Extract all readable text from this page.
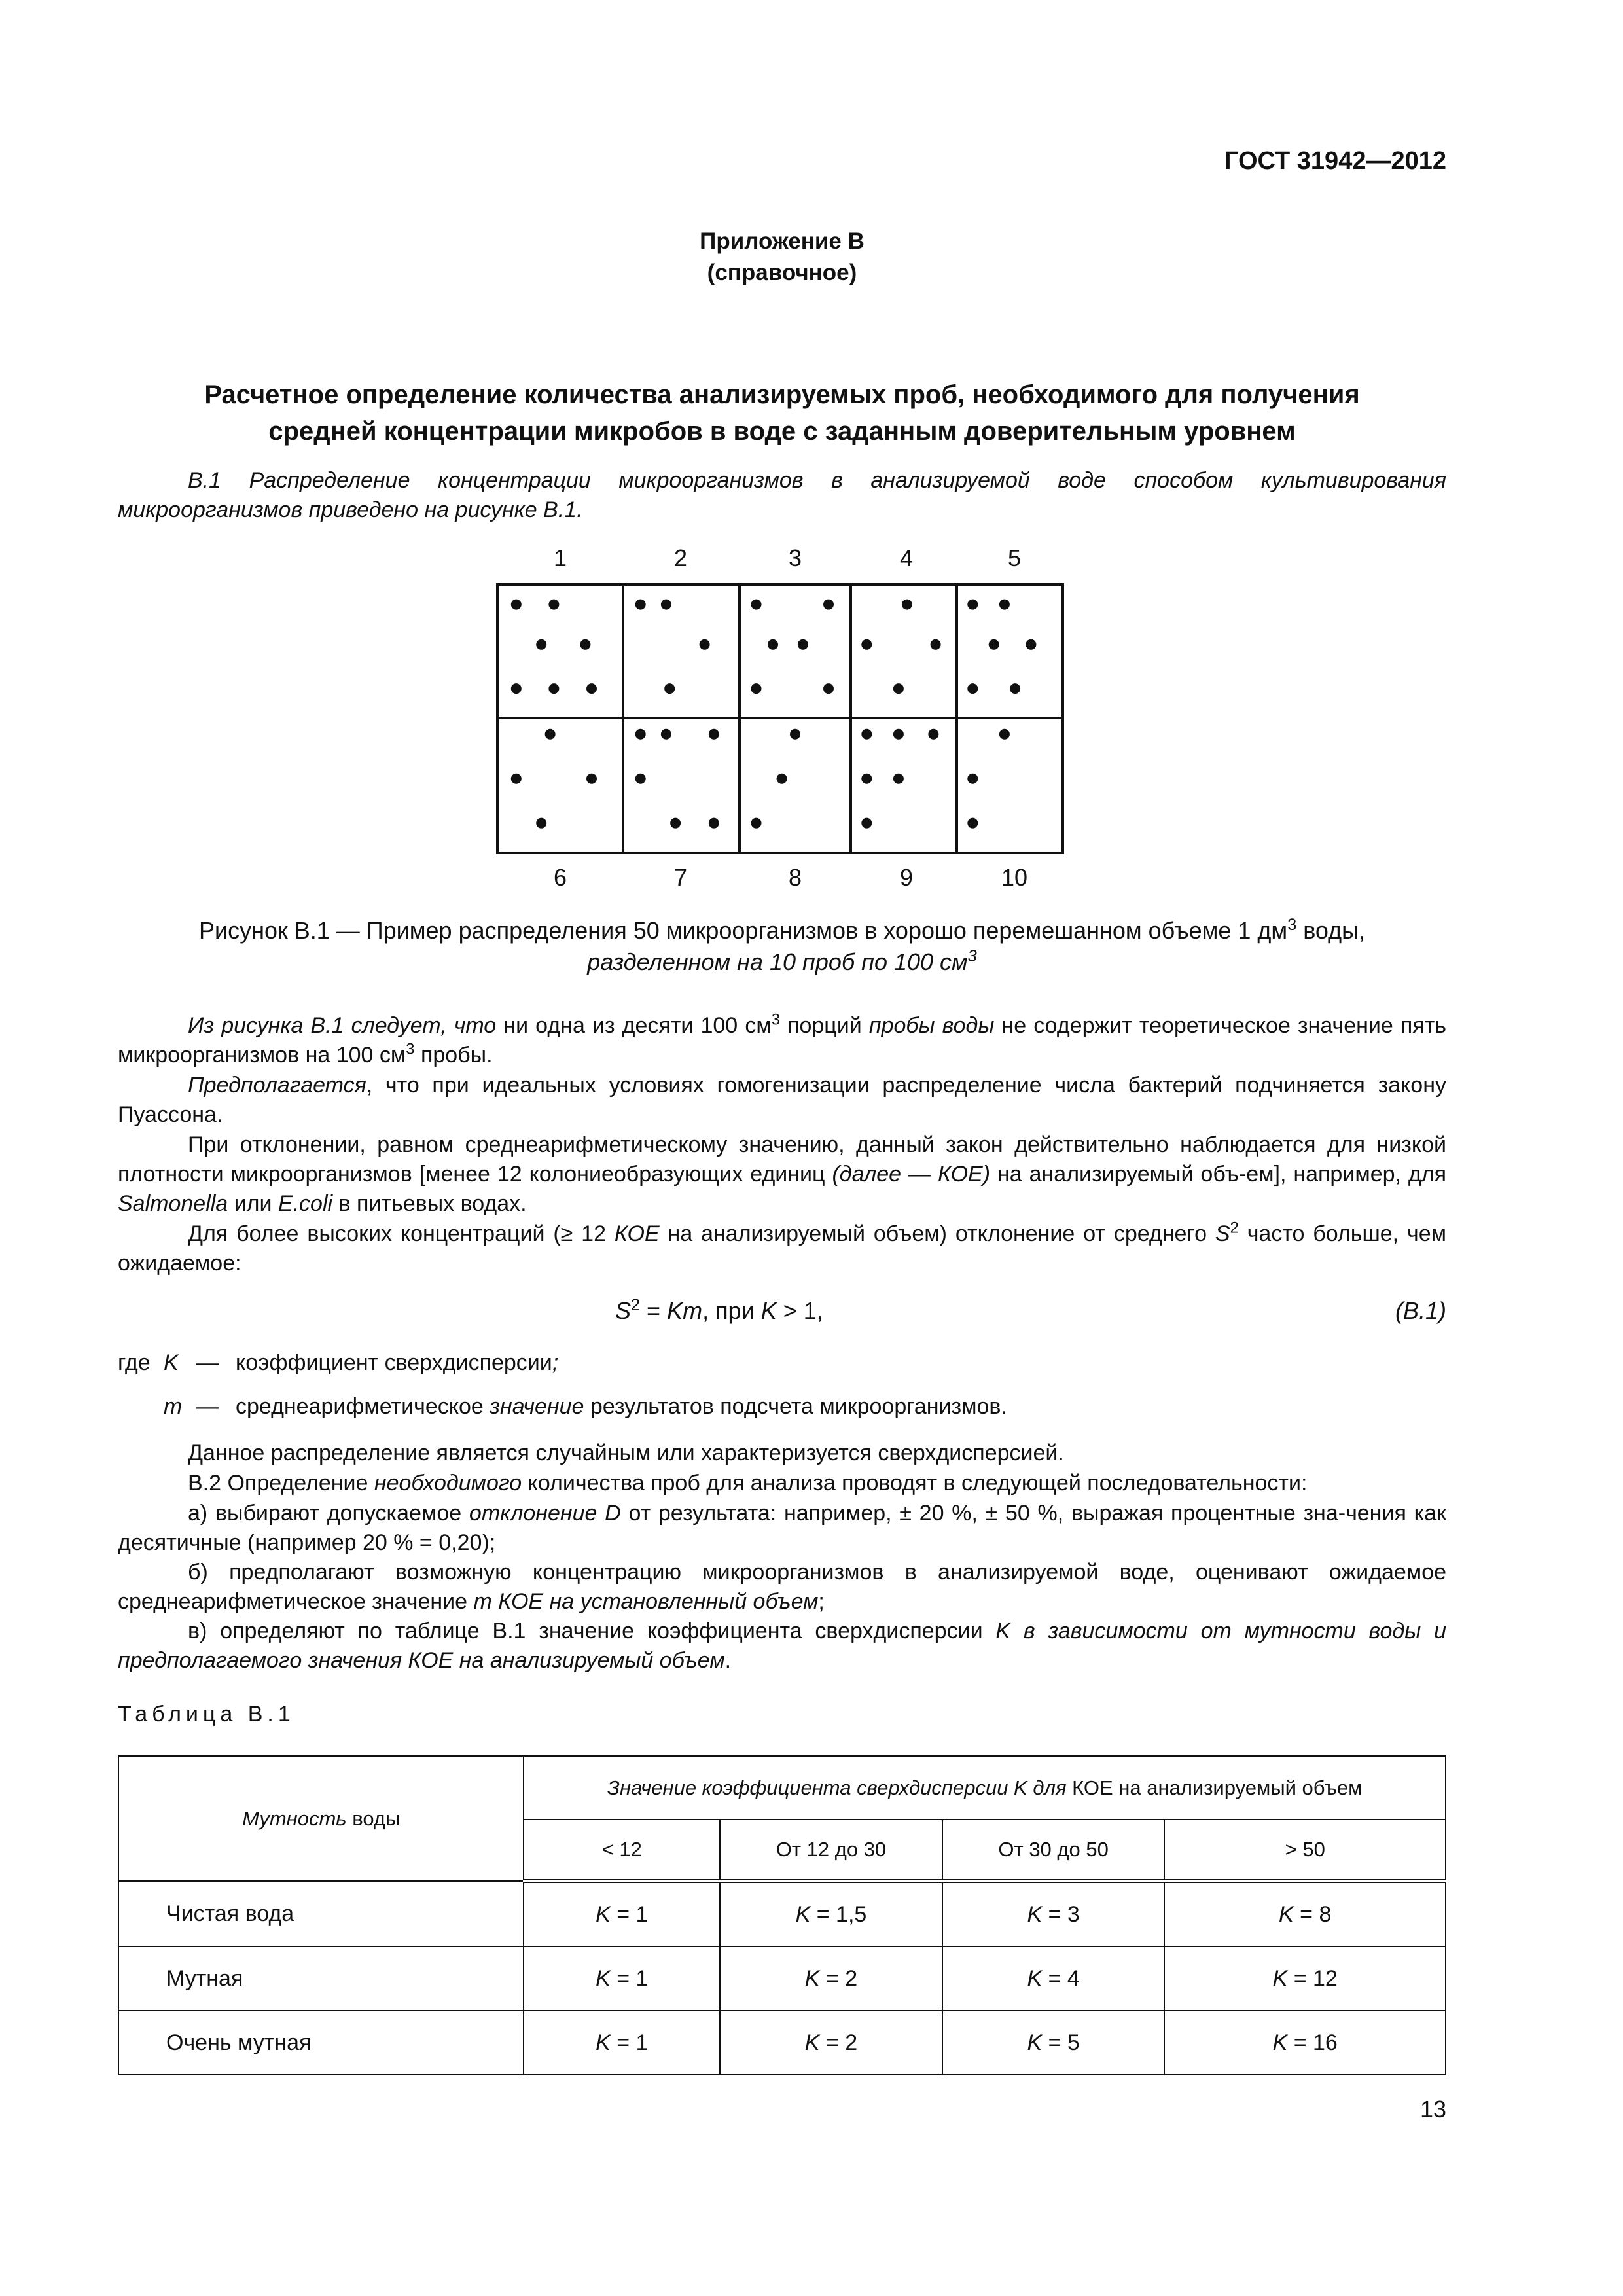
ГОСТ 31942—2012
Приложение В
(справочное)
Расчетное определение количества анализируемых проб, необходимого для получения
средней концентрации микробов в воде с заданным доверительным уровнем
В.1 Распределение концентрации микроорганизмов в анализируемой воде способом культивирования микроорганизмов приведено на рисунке В.1.
1	2	3	4	5
6	7	8	9	10
Рисунок В.1 — Пример распределения 50 микроорганизмов в хорошо перемешанном объеме 1 $дм^3$ воды,
разделенном на 10 проб по 100 $см^3$
Из рисунка В.1 следует, что ни одна из десяти 100 $см^3$ порций пробы воды не содержит теоретическое значение пять микроорганизмов на 100 $см^3$ пробы.
Предполагается, что при идеальных условиях гомогенизации распределение числа бактерий подчиняется закону Пуассона.
При отклонении, равном среднеарифметическому значению, данный закон действительно наблюдается для низкой плотности микроорганизмов [менее 12 колониеобразующих единиц (далее — КОЕ) на анализируемый объ-ем], например, для Salmonella или E.coli в питьевых водах.
Для более высоких концентраций (≥ 12 КОЕ на анализируемый объем) отклонение от среднего $S^2$ часто больше, чем ожидаемое:
$S^2 = Km$, при K > 1,	(В.1)
где K — коэффициент сверхдисперсии;
m — среднеарифметическое значение результатов подсчета микроорганизмов.
Данное распределение является случайным или характеризуется сверхдисперсией.
В.2 Определение необходимого количества проб для анализа проводят в следующей последовательности:
а) выбирают допускаемое отклонение D от результата: например, ± 20 %, ± 50 %, выражая процентные зна-чения как десятичные (например 20 % = 0,20);
б) предполагают возможную концентрацию микроорганизмов в анализируемой воде, оценивают ожидаемое среднеарифметическое значение m КОЕ на установленный объем;
в) определяют по таблице В.1 значение коэффициента сверхдисперсии K в зависимости от мутности воды и предполагаемого значения КОЕ на анализируемый объем.
Таблица В.1
Мутность воды	Значение коэффициента сверхдисперсии K для КОЕ на анализируемый объем			
	< 12	От 12 до 30	От 30 до 50	> 50
Чистая вода	K = 1	K = 1,5	K = 3	K = 8
Мутная	K = 1	K = 2	K = 4	K = 12
Очень мутная	K = 1	K = 2	K = 5	K = 16
13
